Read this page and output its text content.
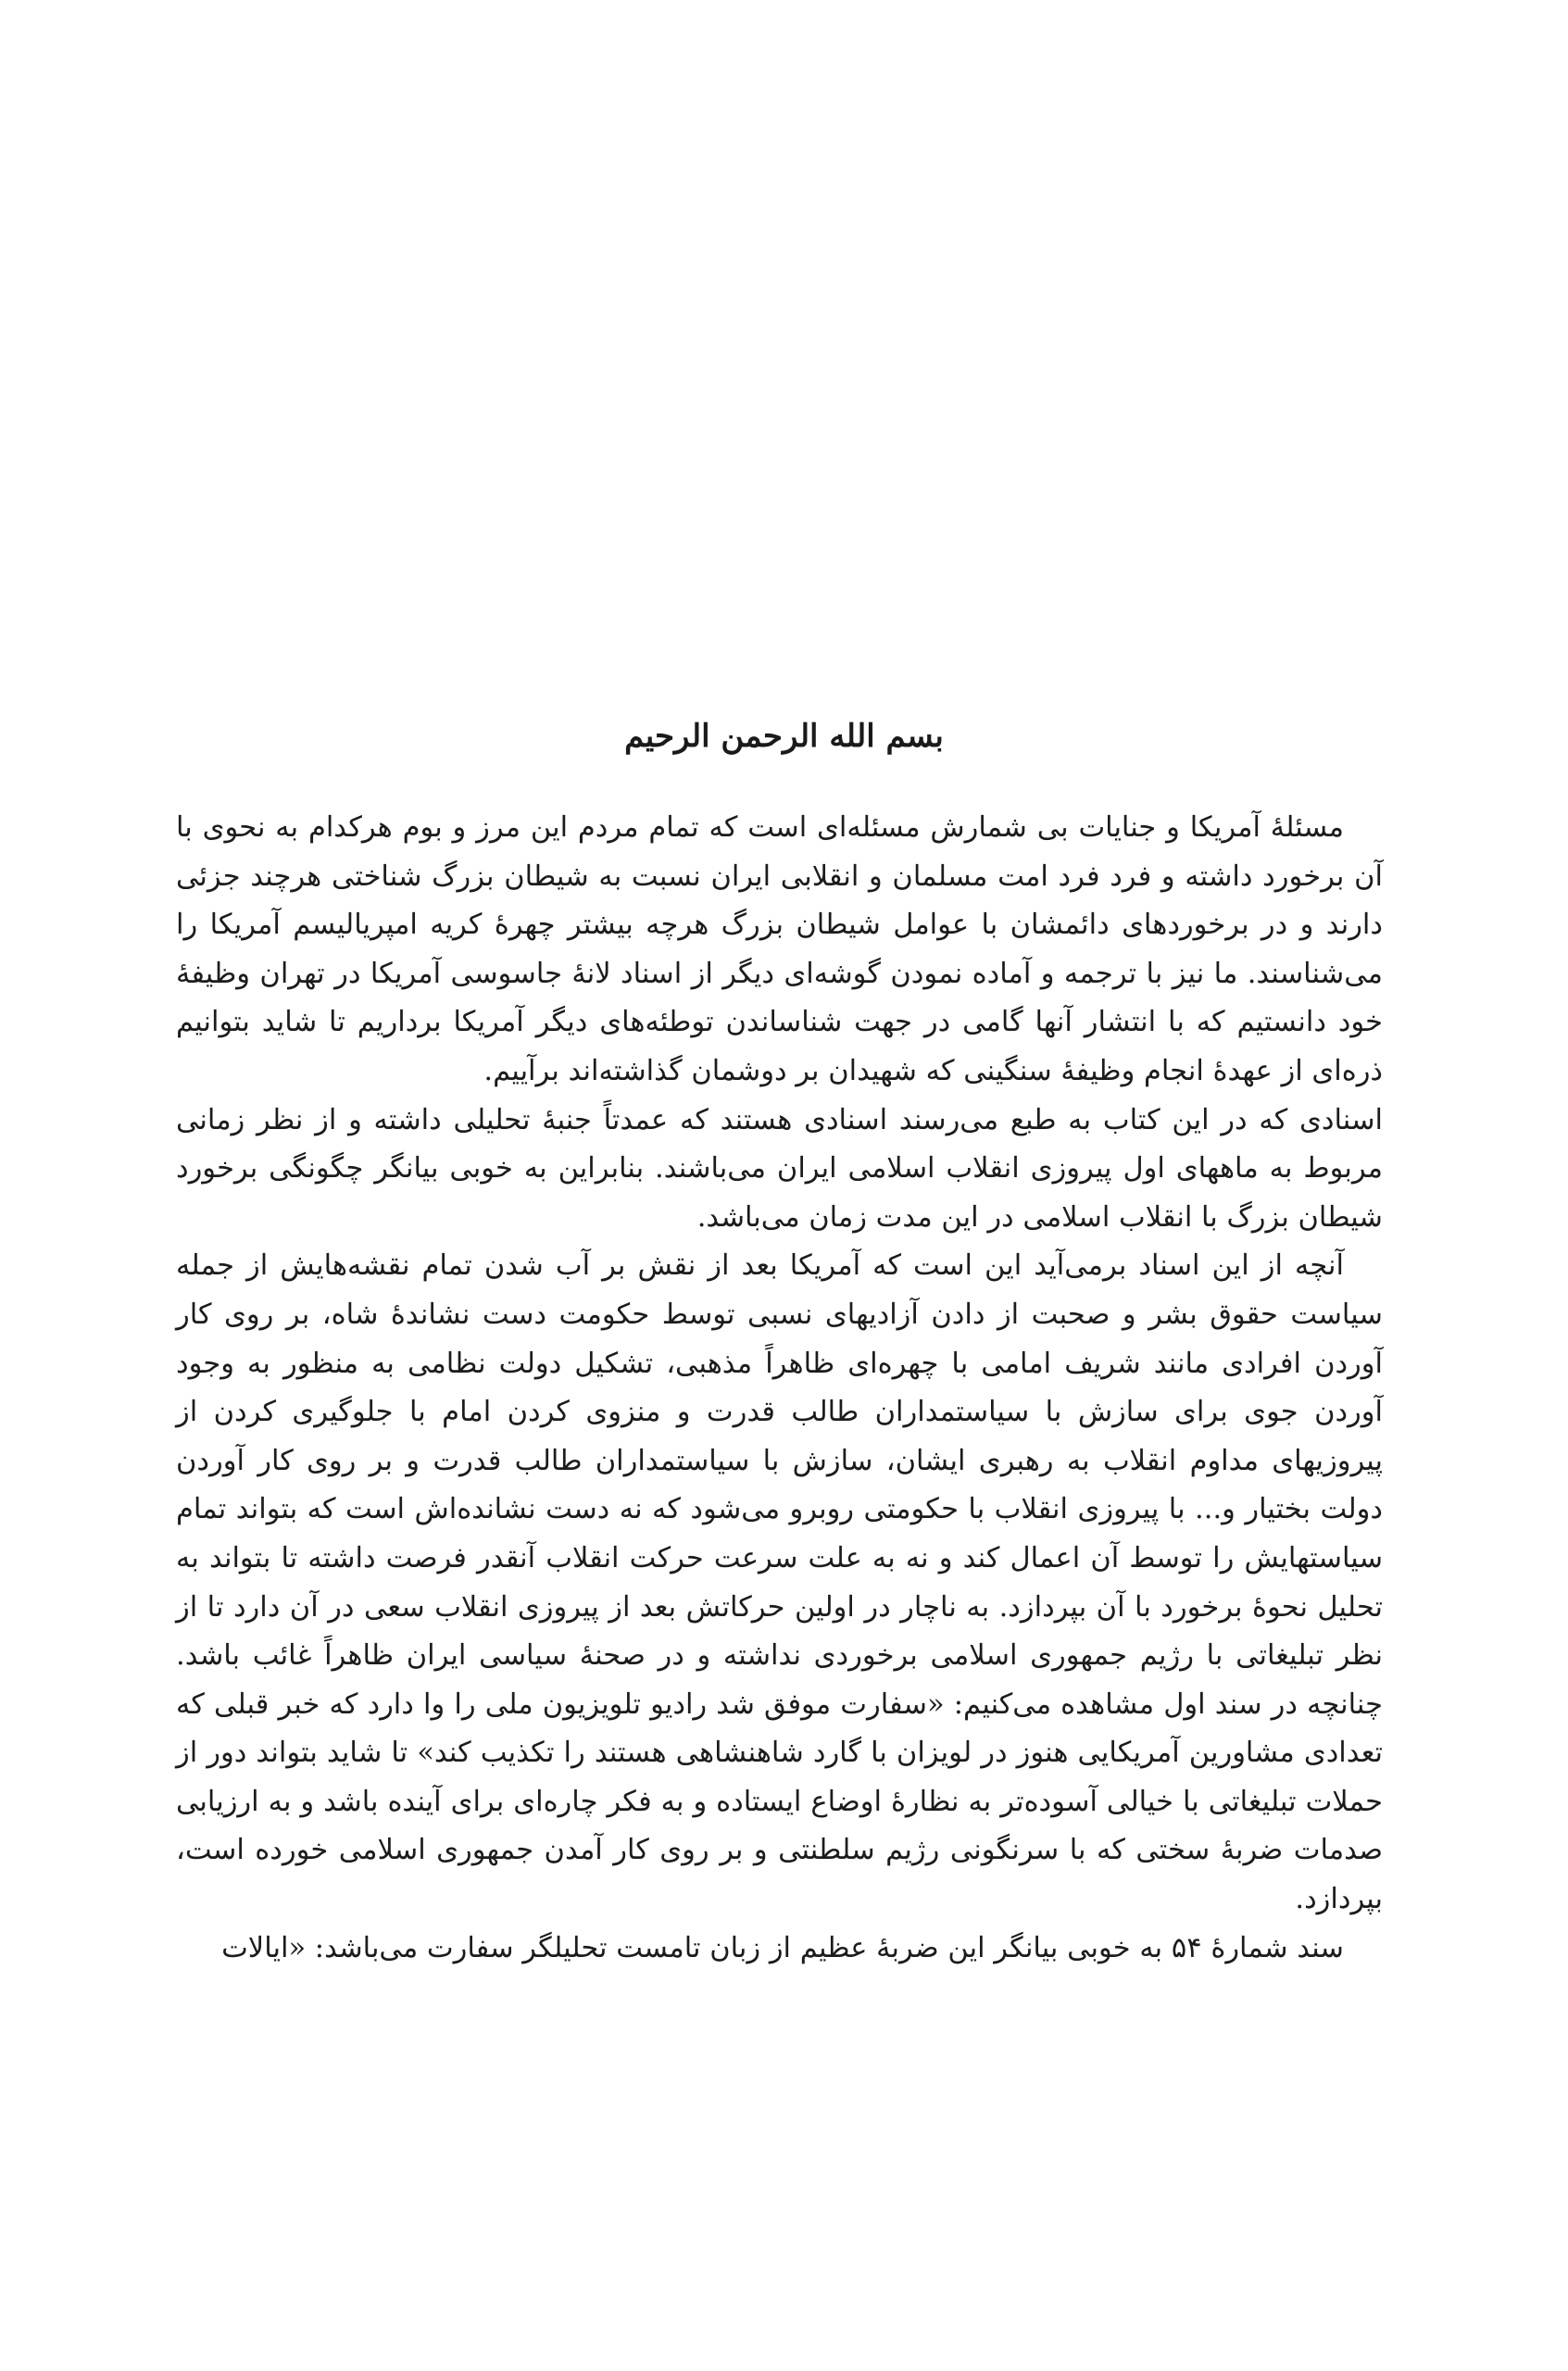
بسم الله الرحمن الرحیم

مسئلهٔ آمریکا و جنایات بی شمارش مسئله‌ای است که تمام مردم این مرز و بوم هرکدام به نحوی با آن برخورد داشته و فرد فرد امت مسلمان و انقلابی ایران نسبت به شیطان بزرگ شناختی هرچند جزئی دارند و در برخوردهای دائمشان با عوامل شیطان بزرگ هرچه بیشتر چهرهٔ کریه امپریالیسم آمریکا را می‌شناسند. ما نیز با ترجمه و آماده نمودن گوشه‌ای دیگر از اسناد لانهٔ جاسوسی آمریکا در تهران وظیفهٔ خود دانستیم که با انتشار آنها گامی در جهت شناساندن توطئه‌های دیگر آمریکا برداریم تا شاید بتوانیم ذره‌ای از عهدهٔ انجام وظیفهٔ سنگینی که شهیدان بر دوشمان گذاشته‌اند برآییم.

اسنادی که در این کتاب به طبع می‌رسند اسنادی هستند که عمدتاً جنبهٔ تحلیلی داشته و از نظر زمانی مربوط به ماههای اول پیروزی انقلاب اسلامی ایران می‌باشند. بنابراین به خوبی بیانگر چگونگی برخورد شیطان بزرگ با انقلاب اسلامی در این مدت زمان می‌باشد.

آنچه از این اسناد برمی‌آید این است که آمریکا بعد از نقش بر آب شدن تمام نقشه‌هایش از جمله سیاست حقوق بشر و صحبت از دادن آزادیهای نسبی توسط حکومت دست نشاندهٔ شاه، بر روی کار آوردن افرادی مانند شریف امامی با چهره‌ای ظاهراً مذهبی، تشکیل دولت نظامی به منظور به وجود آوردن جوی برای سازش با سیاستمداران طالب قدرت و منزوی کردن امام با جلوگیری کردن از پیروزیهای مداوم انقلاب به رهبری ایشان، سازش با سیاستمداران طالب قدرت و بر روی کار آوردن دولت بختیار و... با پیروزی انقلاب با حکومتی روبرو می‌شود که نه دست نشانده‌اش است که بتواند تمام سیاستهایش را توسط آن اعمال کند و نه به علت سرعت حرکت انقلاب آنقدر فرصت داشته تا بتواند به تحلیل نحوهٔ برخورد با آن بپردازد. به ناچار در اولین حرکاتش بعد از پیروزی انقلاب سعی در آن دارد تا از نظر تبلیغاتی با رژیم جمهوری اسلامی برخوردی نداشته و در صحنهٔ سیاسی ایران ظاهراً غائب باشد. چنانچه در سند اول مشاهده می‌کنیم: «سفارت موفق شد رادیو تلویزیون ملی را وا دارد که خبر قبلی که تعدادی مشاورین آمریکایی هنوز در لویزان با گارد شاهنشاهی هستند را تکذیب کند» تا شاید بتواند دور از حملات تبلیغاتی با خیالی آسوده‌تر به نظارهٔ اوضاع ایستاده و به فکر چاره‌ای برای آینده باشد و به ارزیابی صدمات ضربهٔ سختی که با سرنگونی رژیم سلطنتی و بر روی کار آمدن جمهوری اسلامی خورده است، بپردازد.

سند شمارهٔ ۵۴ به خوبی بیانگر این ضربهٔ عظیم از زبان تامست تحلیلگر سفارت می‌باشد: «ایالات
